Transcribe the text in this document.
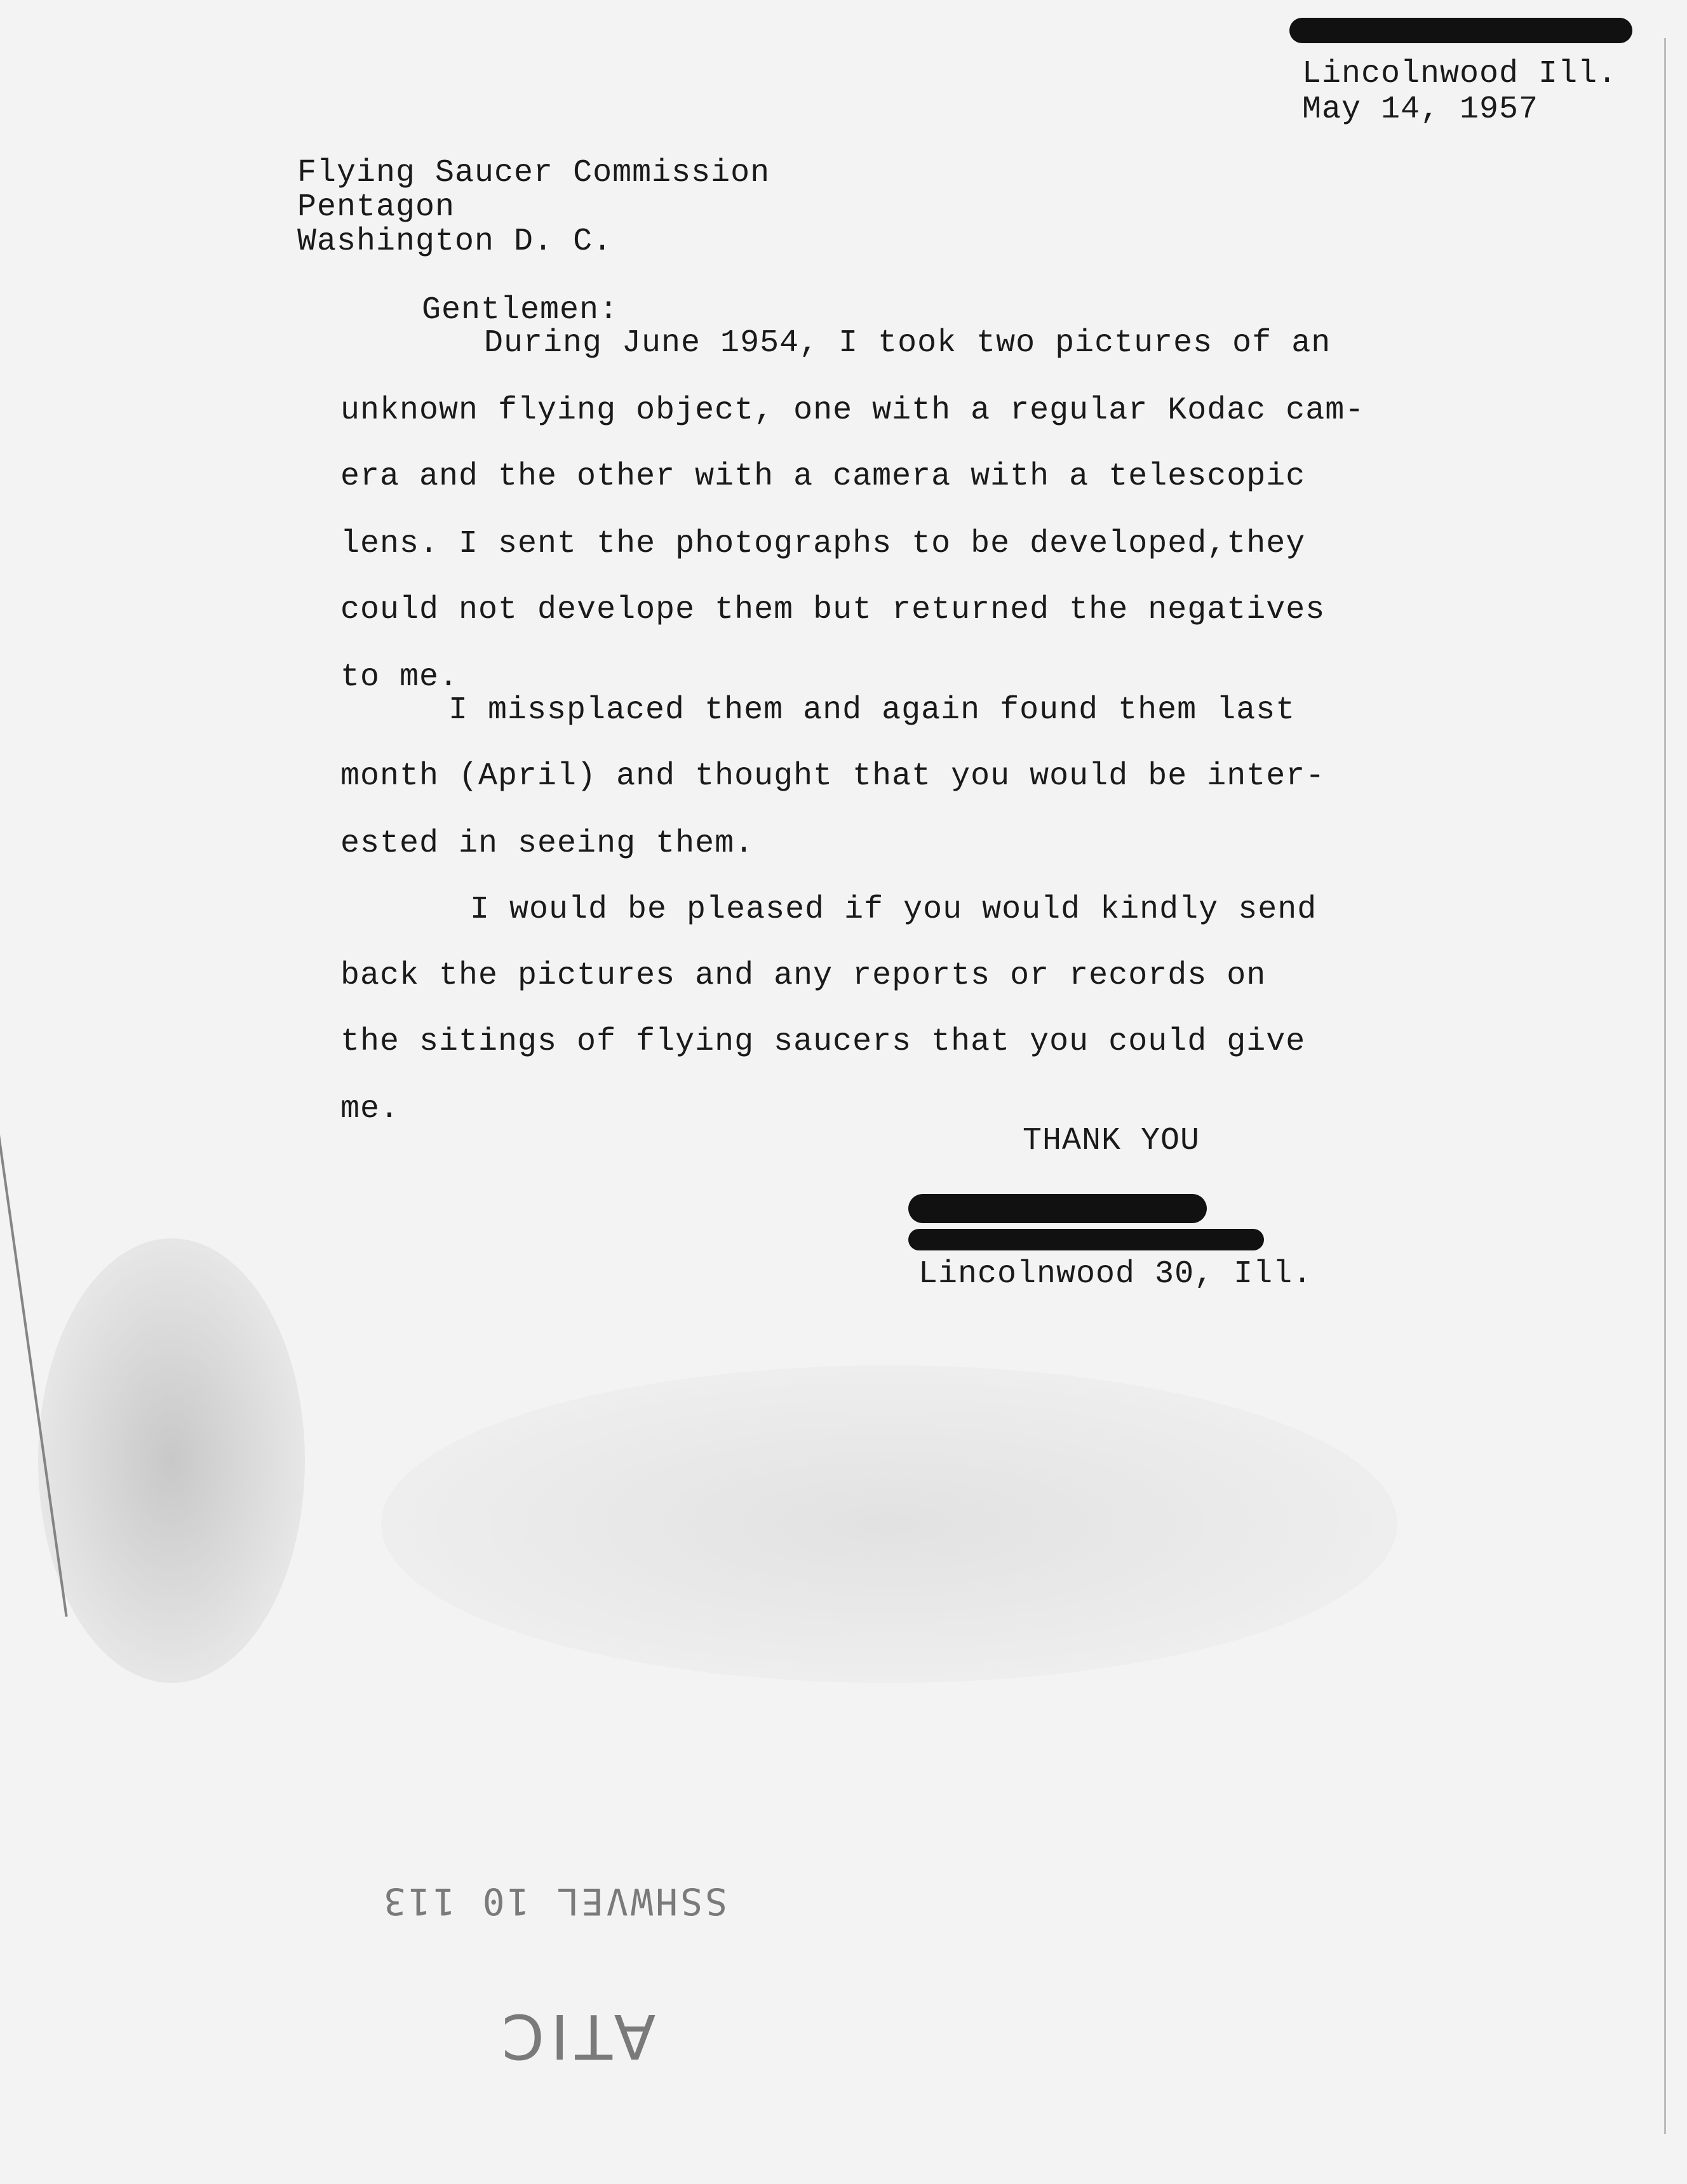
Lincolnwood Ill.
May 14, 1957
Flying Saucer Commission
Pentagon
Washington D. C.
Gentlemen:
During June 1954, I took two pictures of an
unknown flying object, one with a regular Kodac cam-
era and the other with a camera with a telescopic
lens. I sent the photographs to be developed,they
could not develope them but returned the negatives
to me.
I missplaced them and again found them last
month (April) and thought that you would be inter-
ested in seeing them.
I would be pleased if you would kindly send
back the pictures and any reports or records on
the sitings of flying saucers that you could give
me.
THANK YOU
Lincolnwood 30, Ill.
SSHWVEL 10 113
ATIC
